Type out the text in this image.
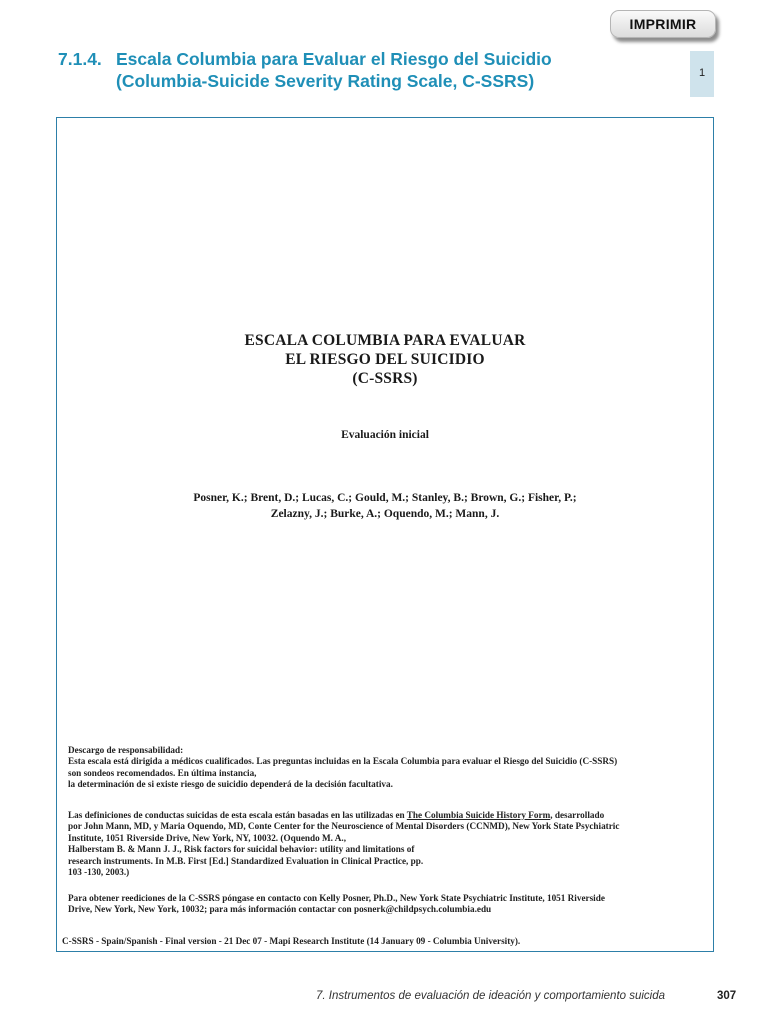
IMPRIMIR
7.1.4. Escala Columbia para Evaluar el Riesgo del Suicidio
(Columbia-Suicide Severity Rating Scale, C-SSRS)	1
ESCALA COLUMBIA PARA EVALUAR
EL RIESGO DEL SUICIDIO
(C-SSRS)
Evaluación inicial
Posner, K.; Brent, D.; Lucas, C.; Gould, M.; Stanley, B.; Brown, G.; Fisher, P.;
Zelazny, J.; Burke, A.; Oquendo, M.; Mann, J.
Descargo de responsabilidad:
Esta escala está dirigida a médicos cualificados. Las preguntas incluidas en la Escala Columbia para evaluar el Riesgo del Suicidio (C-SSRS)
son sondeos recomendados. En última instancia,
la determinación de si existe riesgo de suicidio dependerá de la decisión facultativa.
Las definiciones de conductas suicidas de esta escala están basadas en las utilizadas en The Columbia Suicide History Form, desarrollado
por John Mann, MD, y Maria Oquendo, MD, Conte Center for the Neuroscience of Mental Disorders (CCNMD), New York State Psychiatric
Institute, 1051 Riverside Drive, New York, NY, 10032. (Oquendo M. A.,
Halberstam B. & Mann J. J., Risk factors for suicidal behavior: utility and limitations of
research instruments. In M.B. First [Ed.] Standardized Evaluation in Clinical Practice, pp.
103 -130, 2003.)
Para obtener reediciones de la C-SSRS póngase en contacto con Kelly Posner, Ph.D., New York State Psychiatric Institute, 1051 Riverside
Drive, New York, New York, 10032; para más información contactar con posnerk@childpsych.columbia.edu
C-SSRS - Spain/Spanish - Final version - 21 Dec 07 - Mapi Research Institute (14 January 09 - Columbia University).
7. Instrumentos de evaluación de ideación y comportamiento suicida	307
